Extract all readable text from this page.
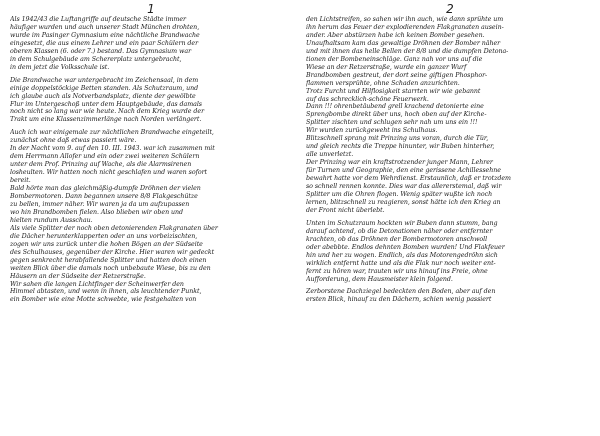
1

Als 1942/43 die Luftangriffe auf deutsche Städte immer
häufiger wurden und auch unserer Stadt München drohten,
wurde im Pasinger Gymnasium eine nächtliche Brandwache
eingesetzt, die aus einem Lehrer und ein paar Schülern der
oberen Klassen (6. oder 7.) bestand. Das Gymnasium war
in dem Schulgebäude am Schererplatz untergebracht,
in dem jetzt die Volksschule ist.

Die Brandwache war untergebracht im Zeichensaal, in dem
einige doppelstöckige Betten standen. Als Schutzraum, und
ich glaube auch als Notverbandsplatz, diente der gewölbte
Flur im Untergeschoß unter dem Hauptgebäude, das damals
noch nicht so lang war wie heute. Nach dem Krieg wurde der
Trakt um eine Klassenzimmerlänge nach Norden verlängert.

Auch ich war einigemale zur nächtlichen Brandwache eingeteilt,
zunächst ohne daß etwas passiert wäre.
In der Nacht vom 9. auf den 10. III. 1943. war ich zusammen mit
dem Herrmann Allofer und ein oder zwei weiteren Schülern
unter dem Prof. Prinzing auf Wache, als die Alarmsirenen
losheulten. Wir hatten noch nicht geschlafen und waren sofort
bereit.
Bald hörte man das gleichmäßig-dumpfe Dröhnen der vielen
Bombermotoren. Dann begannen unsere 8/8 Flakgeschütze
zu bellen, immer näher. Wir waren ja da um aufzupassen
wo hin Brandbomben fielen. Also blieben wir oben und
hielten rundum Ausschau.
Als viele Splitter der noch oben detonierenden Flakgranaten über
die Dächer herunterklapperten oder an uns vorbeizischten,
zogen wir uns zurück unter die hohen Bögen an der Südseite
des Schulhauses, gegenüber der Kirche. Hier waren wir gedeckt
gegen senkrecht herabfallende Splitter und hatten doch einen
weiten Blick über die damals noch unbebaute Wiese, bis zu den
Häusern an der Südseite der Retzerstraße.
Wir sahen die langen Lichtfinger der Scheinwerfer den
Himmel abtasten, und wenn in ihnen, als leuchtender Punkt,
ein Bomber wie eine Motte schwebte, wie festgehalten von

2

den Lichtstreifen, so sahen wir ihn auch, wie dann sprühte um
ihn herum das Feuer der explodierenden Flakgranaten ausein-
ander. Aber abstürzen habe ich keinen Bomber gesehen.
Unaufhaltsam kam das gewaltige Dröhnen der Bomber näher
und mit ihnen das helle Bellen der 8/8 und die dumpfen Detona-
tionen der Bombeneinschläge. Ganz nah vor uns auf die
Wiese an der Retzerstraße, wurde ein ganzer Wurf
Brandbomben gestreut, der dort seine giftigen Phosphor-
flammen versprühte, ohne Schaden anzurichten.
Trotz Furcht und Hilflosigkeit starrten wir wie gebannt
auf das schrecklich-schöne Feuerwerk.
Dann !!! ohrenbetäubend grell krachend detonierte eine
Sprengbombe direkt über uns, hoch oben auf der Kirche-
Splitter zischten und schlugen sehr nah um uns ein !!!
Wir wurden zurückgeweht ins Schulhaus.
Blitzschnell sprang mit Prinzing uns voran, durch die Tür,
und gleich rechts die Treppe hinunter, wir Buben hinterher,
alle unverletzt.
Der Prinzing war ein kraftstrotzender junger Mann, Lehrer
für Turnen und Geographie, den eine gerissene Achillessehne
bewahrt hatte vor dem Wehrdienst. Erstaunlich, daß er trotzdem
so schnell rennen konnte. Dies war das allererstemal, daß wir
Splitter um die Ohren flogen. Wenig später wußte ich noch
lernen, blitzschnell zu reagieren, sonst hätte ich den Krieg an
der Front nicht überlebt.

Unten im Schutzraum hockten wir Buben dann stumm, bang
darauf achtend, ob die Detonationen näher oder entfernter
krachten, ob das Dröhnen der Bombermotoren anschwoll
oder abebbte. Endlos dehnten Bomben wurden! Und Flakfeuer
hin und her zu wogen. Endlich, als das Motorengedröhn sich
wirklich entfernt hatte und als die Flak nur noch weiter ent-
fernt zu hören war, trauten wir uns hinauf ins Freie, ohne
Aufforderung, dem Hausmeister klein folgend.

Zerborstene Dachziegel bedeckten den Boden, aber auf den
ersten Blick, hinauf zu den Dächern, schien wenig passiert
